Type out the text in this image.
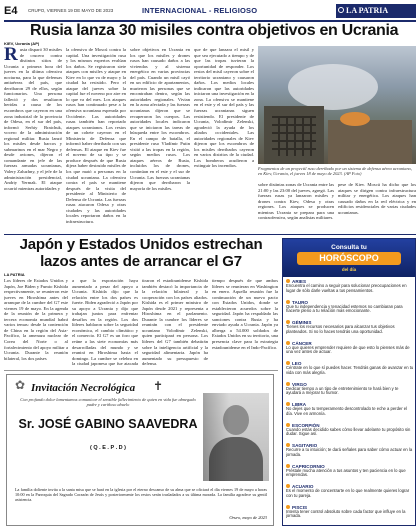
E4 CRUPO, VIERNES 19 DE MAYO DE 2023	INTERNACIONAL - RELIGIOSO	LA PATRIA
Rusia lanza 30 misiles contra objetivos en Ucrania
KIEV, Ucrania (AP)
Rusia disparó 30 misiles de crucero contra distintos sitios de Ucrania a primera hora del jueves en la última ofensiva nocturna, para la que defensas antiaéreas del país, que derribaron 29 de ellos, según funcionarios. Una persona falleció y dos resultaron heridas a causa de los escombros que cayeron en una zona industrial de la provincia de Odesa, en el sur del país, informó Serhiy Bratchuk, vocero de la administración regional militar. Rusia lanzó los misiles desde barcos y submarinos en el mar Negro y desde aviones, dijeron el comandante en jefe de las fuerzas armadas ucranianas, Valery Zaluzhny, y el jefe de la administración presidencial, Andriy Yermak. El ataque ocurrió mientras autoridades y
la ofensiva de Moscú contra la capital. Una investigación rusa y los mismos expertos evalúan los daños. Se registraron siete ataques con misiles y ataque en Kiev en lo que va de mayo y la ciudad ha resistido. Pero el ataque del jueves sobre la capital fue el noveno por aire en lo que va del mes. Los ataques rusos han continuado pese a la ofensiva ucraniana esperada por Occidente. Las autoridades rusas también han reportado ataques ucranianos. Los restos de un cohete cayeron en el Ministerio de Defensa que informó haber derribado con sus defensas. El ataque en Kiev fue el noveno de su tipo y se produce después de que Rusia dijera haber destruido misiles de los que mató a personas en la ciudad ucraniana. La ofensiva contra el país se mantiene después de la visita del presidente al Ministerio de Defensa de Ucrania. Las fuerzas rusas atacaron Odesa y otras ciudades y las autoridades locales reportaron daños en la infraestructura.
sobre objetivos en Ucrania en los que los misiles y drones rusos han causado daños a las viviendas y al sistema energético en varias provincias del país. Cuando un misil cayó en un edificio de apartamentos, murieron las personas que se encontraban dentro, según las autoridades regionales. Vivian en la zona afectada y las fuerzas ucranianas dijeron que se recuperaron los cuerpos. Las autoridades locales indicaron que se iniciaron las tareas de búsqueda entre los escombros. En el campo de batalla, el presidente ruso Vladímir Putin visitó a las tropas en la región, según medios rusos. Los ataques aéreos de Rusia, incluidos los de drones, continúan en el este y el sur de Ucrania. Las fuerzas ucranianas dijeron que derribaron la mayoría de los misiles.
que de que lanzara el misil y que sea ejecutado a tiempo y de que las tropas tuvieran la oportunidad de responder. Los restos del misil cayeron sobre el territorio ucraniano y causaron daños. Los medios locales indicaron que las autoridades iniciaron una investigación en la zona. La ofensiva se mantiene en el este y el sur del país y las fuerzas ucranianas siguen resistiendo. El presidente de Ucrania, Volodímir Zelenski, agradeció la ayuda de los aliados occidentales. Las autoridades regionales de Kiev dijeron que los escombros de los misiles derribados cayeron en varios distritos de la ciudad. Los bomberos acudieron a extinguir los incendios.
Fragmentos de un proyectil ruso derribado por un sistema de defensa aérea ucraniano, en Kiev, Ucrania, el jueves 18 de mayo de 2023. (AP Foto)
sobre distintas zonas de Ucrania entre las 21:00 y las 23:00 del jueves, agregó. Las fuerzas rusas ya lanzaron misiles y drones contra Kiev, Odesa y otras regiones. Los ataques se producen mientras Ucrania se prepara para una contraofensiva, según analistas militares.
pese de Kiev. Moscú ha dicho que los ataques se dirigen contra infraestructura militar y energética. Los ataques han causado daños en la red eléctrica y en edificios residenciales de varias ciudades ucranianas.
Japón y Estados Unidos estrechan lazos antes de arrancar el G7
LA PATRIA
Los líderes de Estados Unidos y Japón, Joe Biden y Fumio Kishida respectivamente, se reunieron este jueves en Hiroshima antes del arranque de la cumbre del G7 este viernes 19 de mayo. En la agenda de la reunión de la primera y tercera economía mundial habrá varios temas: desde la contención de China en la región del Asia-Pacífico, la amenaza nuclear de Corea del Norte o al fortalecimiento del apoyo militar a Ucrania. Durante la reunión bilateral, los dos países
a que la exportación haya aumentado a pesar del apoyo a Ucrania. Kishida dijo que la relación entre los dos países es fuerte. Biden agradeció a Japón por su apoyo a Ucrania y dijo que trabajan juntos para enfrentar desafíos en la región. Los dos líderes hablaron sobre la seguridad económica, el cambio climático y el comercio. El G7 es un foro que reúne a las siete economías más desarrolladas del mundo y se reunirá en Hiroshima hasta el domingo. La cumbre se celebra en la ciudad japonesa que fue atacada
tiraron el estadounidense Kishida también destacó la importancia de la relación bilateral y la cooperación con los países aliados. Kishida es el primer ministro de Japón desde 2021 y representa a Hiroshima en el parlamento. Durante la cumbre los líderes se reunirán con el presidente ucraniano Volodímir Zelenski, quien participará en persona. Los líderes del G7 también debatirán sobre la inteligencia artificial y la seguridad alimentaria. Japón ha aumentado su presupuesto de defensa.
tiempo después de que ambos líderes se reunieran en Washington en enero. Aquella reunión fue la continuación de un nuevo pacto con Estados Unidos, donde se establecieron acuerdos sobre la seguridad. Japón ha respaldado las sanciones contra Rusia y ha enviado ayuda a Ucrania. Japón ya alberga a 54.000 soldados de Estados Unidos en su territorio, una presencia clave para la estrategia estadounidense en el Indo-Pacífico.
✿ Invitación Necrológica ✝
Con profundo dolor lamentamos comunicar el sensible fallecimiento de quien en vida fue abnegado padre y cariñoso abuelo
Sr. JOSÉ GABINO SAAVEDRA
( Q . E . P . D )
La familia doliente invita a la santa misa que se hará en la iglesia por el eterno descanso de su alma que se oficiará el día viernes 19 de mayo a horas 10:00 en la Parroquia del Sagrado Corazón de Jesús y posteriormente los restos serán trasladados a su última morada. La familia agradece su gentil asistencia.
Oruro, mayo de 2023
Consulta tu
HORÓSCOPO
del día
ARIES
Encuentra el camino a seguir para solucionar preocupaciones en lugar de sólo darle vueltas a tus pensamientos.
TAURO
Que tu independencia y tenacidad estemos no cambiaran para hacerte pleno a tu relación más emocionante.
GÉMINIS
Tienes los recursos necesarios para alcanzar tus objetivos planteados. Si no lo haces tendrás una oportunidad.
CÁNCER
Lo que quieres emprender requiere de que esto lo pienses más de una vez antes de actuar.
LEO
Céntrate en lo que sí puedes hacer. Tendrás ganas de avanzar en tu vida con más alegría.
VIRGO
Dedicar tiempo a un tipo de entretenimiento te hará bien y te ayudará a mejorar tu humor.
LIBRA
No dejes que tu temperamento descontrolado te eche a perder el día. Vive en armonía.
ESCORPIÓN
Cuando estás decidido sabes cómo llevar adelante tu propósito sin dudar. Sigue así.
SAGITARIO
Recurre a tu intuición; te dará señales para saber cómo actuar en la jornada.
CAPRICORNIO
Préstale mucha atención a tus asuntos y ten paciencia en lo que emprendas.
ACUARIO
Es el momento de concentrarte en lo que realmente quieres lograr con tu pareja.
PISCIS
Intenta tener control absoluto sobre cada factor que influye en la jornada.
